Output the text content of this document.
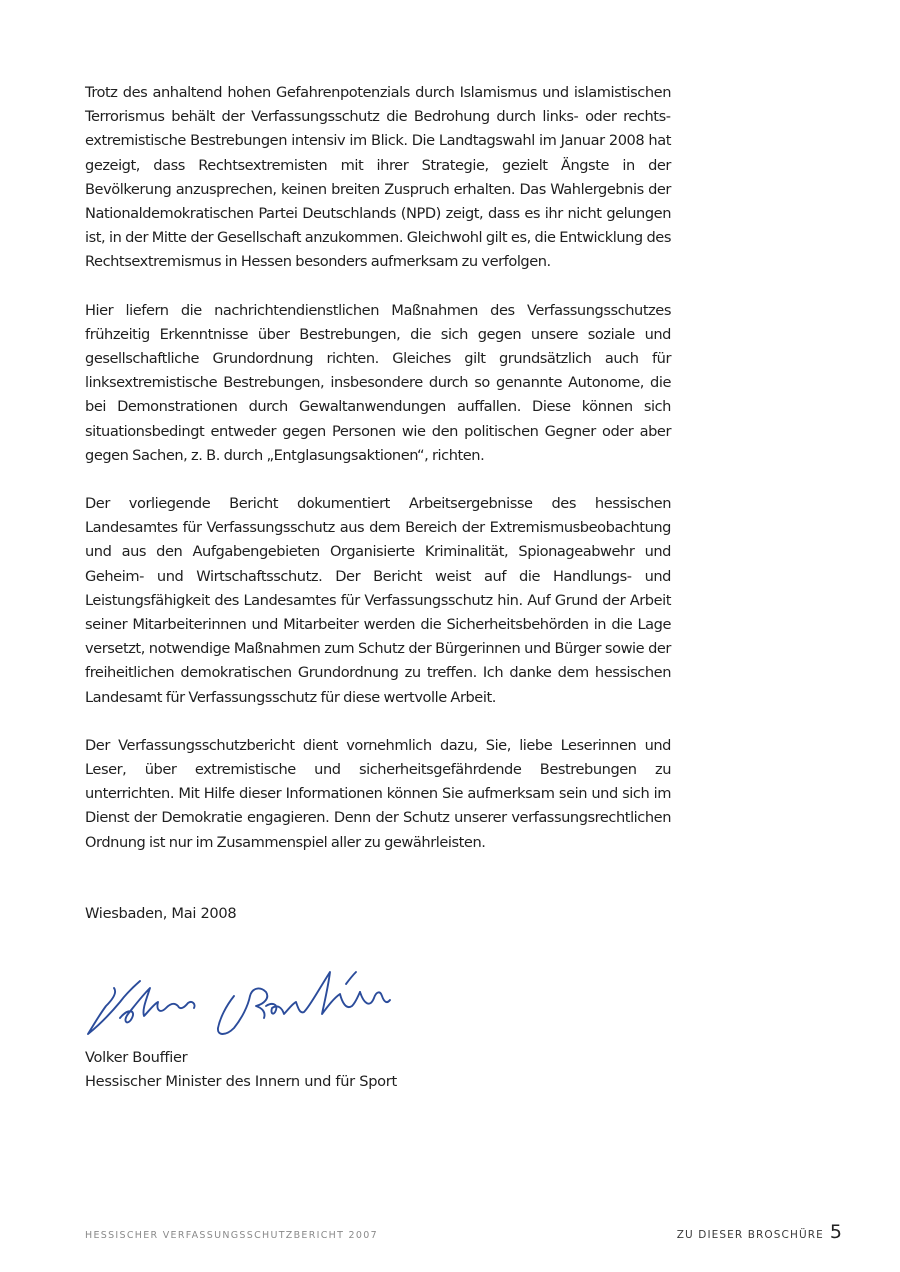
Trotz des anhaltend hohen Gefahrenpotenzials durch Islamismus und islamistischen Terrorismus behält der Verfassungsschutz die Bedrohung durch links- oder rechtsextremistische Bestrebungen intensiv im Blick. Die Landtagswahl im Januar 2008 hat gezeigt, dass Rechtsextremisten mit ihrer Strategie, gezielt Ängste in der Bevölkerung anzusprechen, keinen breiten Zuspruch erhalten. Das Wahlergebnis der Nationaldemokratischen Partei Deutschlands (NPD) zeigt, dass es ihr nicht gelungen ist, in der Mitte der Gesellschaft anzukommen. Gleichwohl gilt es, die Entwicklung des Rechtsextremismus in Hessen besonders aufmerksam zu verfolgen.

Hier liefern die nachrichtendienstlichen Maßnahmen des Verfassungsschutzes frühzeitig Erkenntnisse über Bestrebungen, die sich gegen unsere soziale und gesellschaftliche Grundordnung richten. Gleiches gilt grundsätzlich auch für linksextremistische Bestrebungen, insbesondere durch so genannte Autonome, die bei Demonstrationen durch Gewaltanwendungen auffallen. Diese können sich situationsbedingt entweder gegen Personen wie den politischen Gegner oder aber gegen Sachen, z. B. durch „Entglasungsaktionen“, richten.

Der vorliegende Bericht dokumentiert Arbeitsergebnisse des hessischen Landesamtes für Verfassungsschutz aus dem Bereich der Extremismusbeobachtung und aus den Aufgabengebieten Organisierte Kriminalität, Spionageabwehr und Geheim- und Wirtschaftsschutz. Der Bericht weist auf die Handlungs- und Leistungsfähigkeit des Landesamtes für Verfassungsschutz hin. Auf Grund der Arbeit seiner Mitarbeiterinnen und Mitarbeiter werden die Sicherheitsbehörden in die Lage versetzt, notwendige Maßnahmen zum Schutz der Bürgerinnen und Bürger sowie der freiheitlichen demokratischen Grundordnung zu treffen. Ich danke dem hessischen Landesamt für Verfassungsschutz für diese wertvolle Arbeit.

Der Verfassungsschutzbericht dient vornehmlich dazu, Sie, liebe Leserinnen und Leser, über extremistische und sicherheitsgefährdende Bestrebungen zu unterrichten. Mit Hilfe dieser Informationen können Sie aufmerksam sein und sich im Dienst der Demokratie engagieren. Denn der Schutz unserer verfassungsrechtlichen Ordnung ist nur im Zusammenspiel aller zu gewährleisten.

Wiesbaden, Mai 2008
Volker Bouffier
Hessischer Minister des Innern und für Sport
HESSISCHER VERFASSUNGSSCHUTZBERICHT 2007	ZU DIESER BROSCHÜRE 5
